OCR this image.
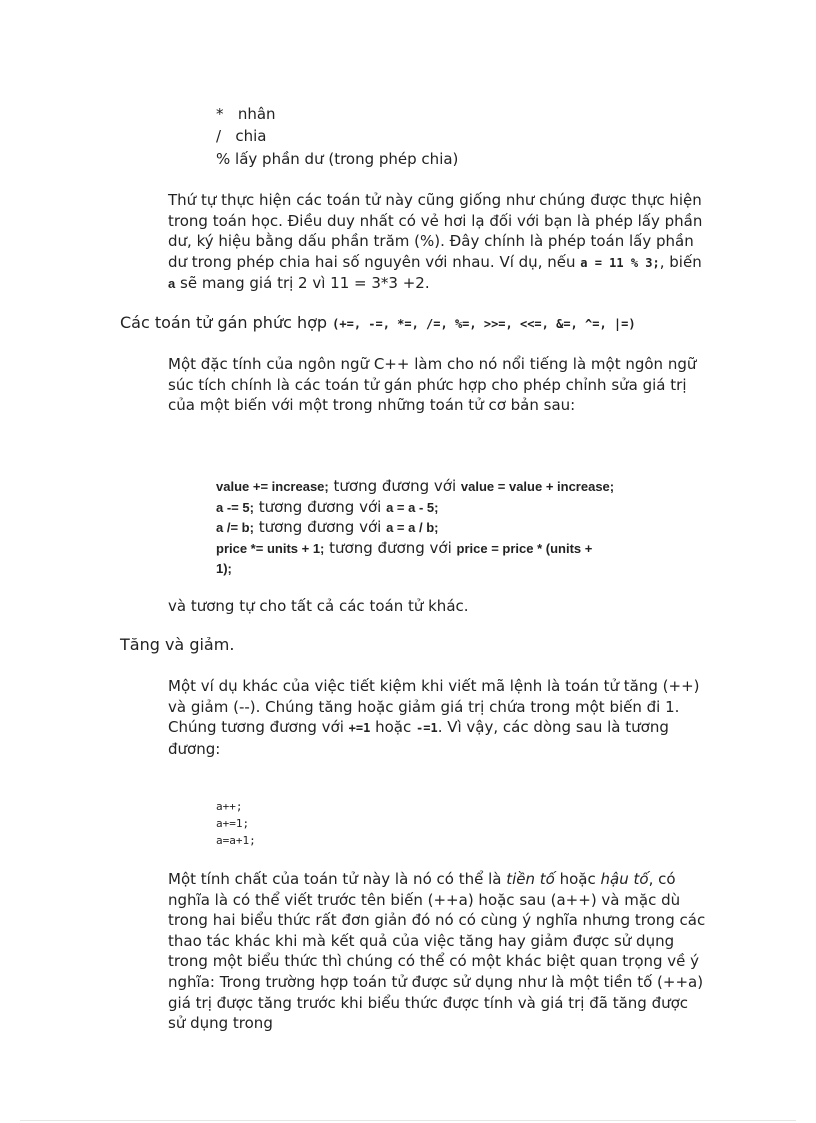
* nhân
/ chia
% lấy phần dư (trong phép chia)
Thứ tự thực hiện các toán tử này cũng giống như chúng được thực hiện trong toán học. Điều duy nhất có vẻ hơi lạ đối với bạn là phép lấy phần dư, ký hiệu bằng dấu phần trăm (%). Đây chính là phép toán lấy phần dư trong phép chia hai số nguyên với nhau. Ví dụ, nếu a = 11 % 3;, biến a sẽ mang giá trị 2 vì 11 = 3*3 +2.
Các toán tử gán phức hợp (+=, -=, *=, /=, %=, >>=, <<=, &=, ^=, |=)
Một đặc tính của ngôn ngữ C++ làm cho nó nổi tiếng là một ngôn ngữ súc tích chính là các toán tử gán phức hợp cho phép chỉnh sửa giá trị của một biến với một trong những toán tử cơ bản sau:
value += increase; tương đương với value = value + increase;
a -= 5; tương đương với a = a - 5;
a /= b; tương đương với a = a / b;
price *= units + 1; tương đương với price = price * (units +
1);
và tương tự cho tất cả các toán tử khác.
Tăng và giảm.
Một ví dụ khác của việc tiết kiệm khi viết mã lệnh là toán tử tăng (++) và giảm (--). Chúng tăng hoặc giảm giá trị chứa trong một biến đi 1. Chúng tương đương với +=1 hoặc -=1. Vì vậy, các dòng sau là tương đương:
a++;
a+=1;
a=a+1;
Một tính chất của toán tử này là nó có thể là tiền tố hoặc hậu tố, có nghĩa là có thể viết trước tên biến (++a) hoặc sau (a++) và mặc dù trong hai biểu thức rất đơn giản đó nó có cùng ý nghĩa nhưng trong các thao tác khác khi mà kết quả của việc tăng hay giảm được sử dụng trong một biểu thức thì chúng có thể có một khác biệt quan trọng về ý nghĩa: Trong trường hợp toán tử được sử dụng như là một tiền tố (++a) giá trị được tăng trước khi biểu thức được tính và giá trị đã tăng được sử dụng trong
